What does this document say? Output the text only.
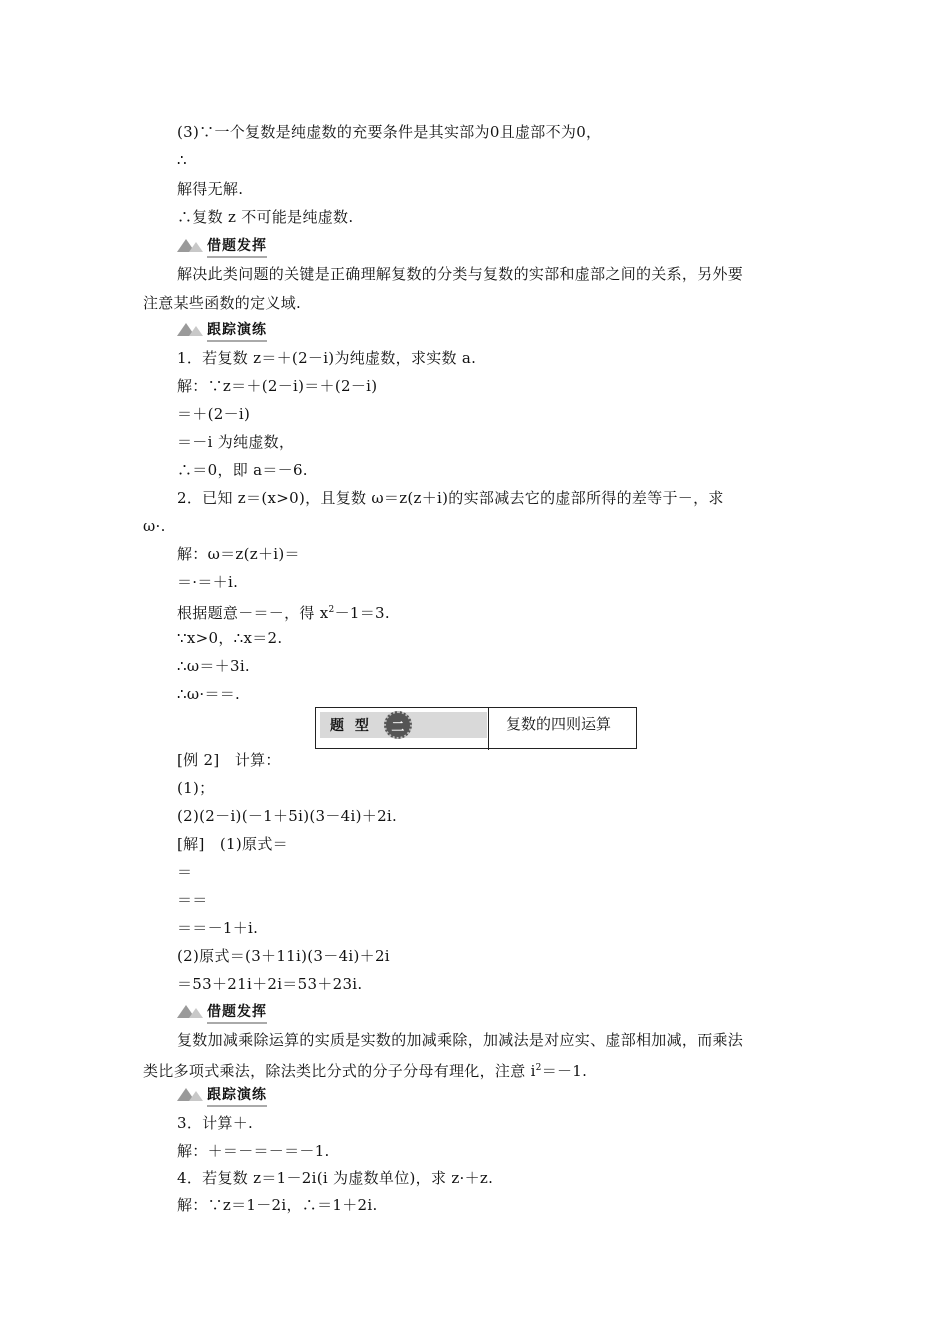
(3)∵一个复数是纯虚数的充要条件是其实部为0且虚部不为0，
∴
解得无解.
∴复数 z 不可能是纯虚数.
借题发挥
解决此类问题的关键是正确理解复数的分类与复数的实部和虚部之间的关系，另外要
注意某些函数的定义域.
跟踪演练
1．若复数 z＝＋(2－i)为纯虚数，求实数 a.
解：∵z＝＋(2－i)＝＋(2－i)
＝＋(2－i)
＝－i 为纯虚数，
∴＝0，即 a＝－6.
2．已知 z＝(x>0)，且复数 ω＝z(z＋i)的实部减去它的虚部所得的差等于－，求
ω·.
解：ω＝z(z＋i)＝
＝·＝＋i.
根据题意－＝－，得 $x^2-1=3$.
∵x>0，∴x＝2.
∴ω＝＋3i.
∴ω·＝＝.
题 型	二	复数的四则运算
[例 2]　计算：
(1)；
(2)(2－i)(－1＋5i)(3－4i)＋2i.
[解]　(1)原式＝
＝
＝＝
＝＝－1＋i.
(2)原式＝(3＋11i)(3－4i)＋2i
＝53＋21i＋2i＝53＋23i.
借题发挥
复数加减乘除运算的实质是实数的加减乘除，加减法是对应实、虚部相加减，而乘法
类比多项式乘法，除法类比分式的分子分母有理化，注意 $i^2=-1$.
跟踪演练
3．计算＋.
解：＋＝－＝－＝－1.
4．若复数 z＝1－2i(i 为虚数单位)，求 z·＋z.
解：∵z＝1－2i，∴＝1＋2i.
